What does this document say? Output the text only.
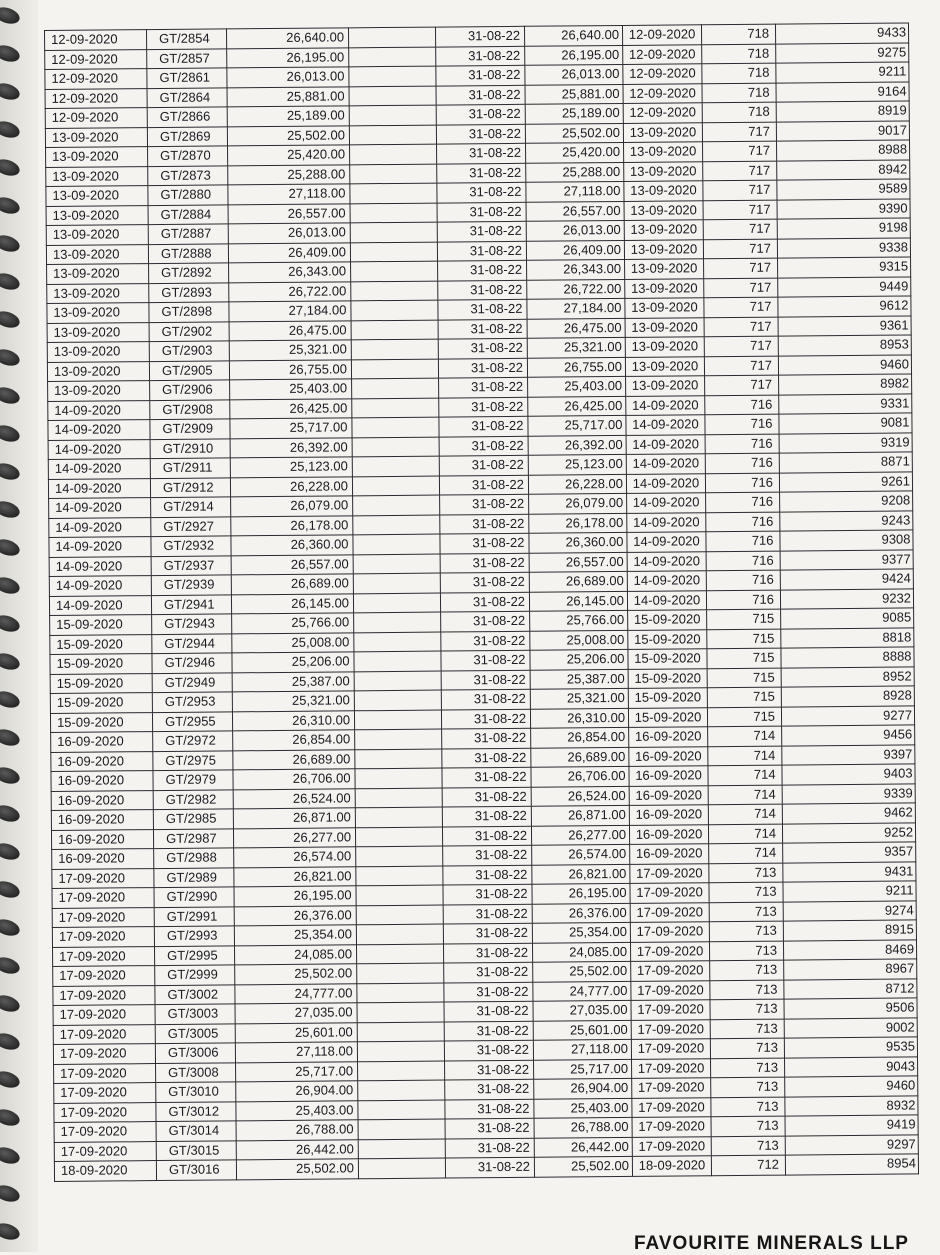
12-09-2020	GT/2854	26,640.00		31-08-22	26,640.00	12-09-2020	718	9433
12-09-2020	GT/2857	26,195.00		31-08-22	26,195.00	12-09-2020	718	9275
12-09-2020	GT/2861	26,013.00		31-08-22	26,013.00	12-09-2020	718	9211
12-09-2020	GT/2864	25,881.00		31-08-22	25,881.00	12-09-2020	718	9164
12-09-2020	GT/2866	25,189.00		31-08-22	25,189.00	12-09-2020	718	8919
13-09-2020	GT/2869	25,502.00		31-08-22	25,502.00	13-09-2020	717	9017
13-09-2020	GT/2870	25,420.00		31-08-22	25,420.00	13-09-2020	717	8988
13-09-2020	GT/2873	25,288.00		31-08-22	25,288.00	13-09-2020	717	8942
13-09-2020	GT/2880	27,118.00		31-08-22	27,118.00	13-09-2020	717	9589
13-09-2020	GT/2884	26,557.00		31-08-22	26,557.00	13-09-2020	717	9390
13-09-2020	GT/2887	26,013.00		31-08-22	26,013.00	13-09-2020	717	9198
13-09-2020	GT/2888	26,409.00		31-08-22	26,409.00	13-09-2020	717	9338
13-09-2020	GT/2892	26,343.00		31-08-22	26,343.00	13-09-2020	717	9315
13-09-2020	GT/2893	26,722.00		31-08-22	26,722.00	13-09-2020	717	9449
13-09-2020	GT/2898	27,184.00		31-08-22	27,184.00	13-09-2020	717	9612
13-09-2020	GT/2902	26,475.00		31-08-22	26,475.00	13-09-2020	717	9361
13-09-2020	GT/2903	25,321.00		31-08-22	25,321.00	13-09-2020	717	8953
13-09-2020	GT/2905	26,755.00		31-08-22	26,755.00	13-09-2020	717	9460
13-09-2020	GT/2906	25,403.00		31-08-22	25,403.00	13-09-2020	717	8982
14-09-2020	GT/2908	26,425.00		31-08-22	26,425.00	14-09-2020	716	9331
14-09-2020	GT/2909	25,717.00		31-08-22	25,717.00	14-09-2020	716	9081
14-09-2020	GT/2910	26,392.00		31-08-22	26,392.00	14-09-2020	716	9319
14-09-2020	GT/2911	25,123.00		31-08-22	25,123.00	14-09-2020	716	8871
14-09-2020	GT/2912	26,228.00		31-08-22	26,228.00	14-09-2020	716	9261
14-09-2020	GT/2914	26,079.00		31-08-22	26,079.00	14-09-2020	716	9208
14-09-2020	GT/2927	26,178.00		31-08-22	26,178.00	14-09-2020	716	9243
14-09-2020	GT/2932	26,360.00		31-08-22	26,360.00	14-09-2020	716	9308
14-09-2020	GT/2937	26,557.00		31-08-22	26,557.00	14-09-2020	716	9377
14-09-2020	GT/2939	26,689.00		31-08-22	26,689.00	14-09-2020	716	9424
14-09-2020	GT/2941	26,145.00		31-08-22	26,145.00	14-09-2020	716	9232
15-09-2020	GT/2943	25,766.00		31-08-22	25,766.00	15-09-2020	715	9085
15-09-2020	GT/2944	25,008.00		31-08-22	25,008.00	15-09-2020	715	8818
15-09-2020	GT/2946	25,206.00		31-08-22	25,206.00	15-09-2020	715	8888
15-09-2020	GT/2949	25,387.00		31-08-22	25,387.00	15-09-2020	715	8952
15-09-2020	GT/2953	25,321.00		31-08-22	25,321.00	15-09-2020	715	8928
15-09-2020	GT/2955	26,310.00		31-08-22	26,310.00	15-09-2020	715	9277
16-09-2020	GT/2972	26,854.00		31-08-22	26,854.00	16-09-2020	714	9456
16-09-2020	GT/2975	26,689.00		31-08-22	26,689.00	16-09-2020	714	9397
16-09-2020	GT/2979	26,706.00		31-08-22	26,706.00	16-09-2020	714	9403
16-09-2020	GT/2982	26,524.00		31-08-22	26,524.00	16-09-2020	714	9339
16-09-2020	GT/2985	26,871.00		31-08-22	26,871.00	16-09-2020	714	9462
16-09-2020	GT/2987	26,277.00		31-08-22	26,277.00	16-09-2020	714	9252
16-09-2020	GT/2988	26,574.00		31-08-22	26,574.00	16-09-2020	714	9357
17-09-2020	GT/2989	26,821.00		31-08-22	26,821.00	17-09-2020	713	9431
17-09-2020	GT/2990	26,195.00		31-08-22	26,195.00	17-09-2020	713	9211
17-09-2020	GT/2991	26,376.00		31-08-22	26,376.00	17-09-2020	713	9274
17-09-2020	GT/2993	25,354.00		31-08-22	25,354.00	17-09-2020	713	8915
17-09-2020	GT/2995	24,085.00		31-08-22	24,085.00	17-09-2020	713	8469
17-09-2020	GT/2999	25,502.00		31-08-22	25,502.00	17-09-2020	713	8967
17-09-2020	GT/3002	24,777.00		31-08-22	24,777.00	17-09-2020	713	8712
17-09-2020	GT/3003	27,035.00		31-08-22	27,035.00	17-09-2020	713	9506
17-09-2020	GT/3005	25,601.00		31-08-22	25,601.00	17-09-2020	713	9002
17-09-2020	GT/3006	27,118.00		31-08-22	27,118.00	17-09-2020	713	9535
17-09-2020	GT/3008	25,717.00		31-08-22	25,717.00	17-09-2020	713	9043
17-09-2020	GT/3010	26,904.00		31-08-22	26,904.00	17-09-2020	713	9460
17-09-2020	GT/3012	25,403.00		31-08-22	25,403.00	17-09-2020	713	8932
17-09-2020	GT/3014	26,788.00		31-08-22	26,788.00	17-09-2020	713	9419
17-09-2020	GT/3015	26,442.00		31-08-22	26,442.00	17-09-2020	713	9297
18-09-2020	GT/3016	25,502.00		31-08-22	25,502.00	18-09-2020	712	8954
FAVOURITE MINERALS LLP
